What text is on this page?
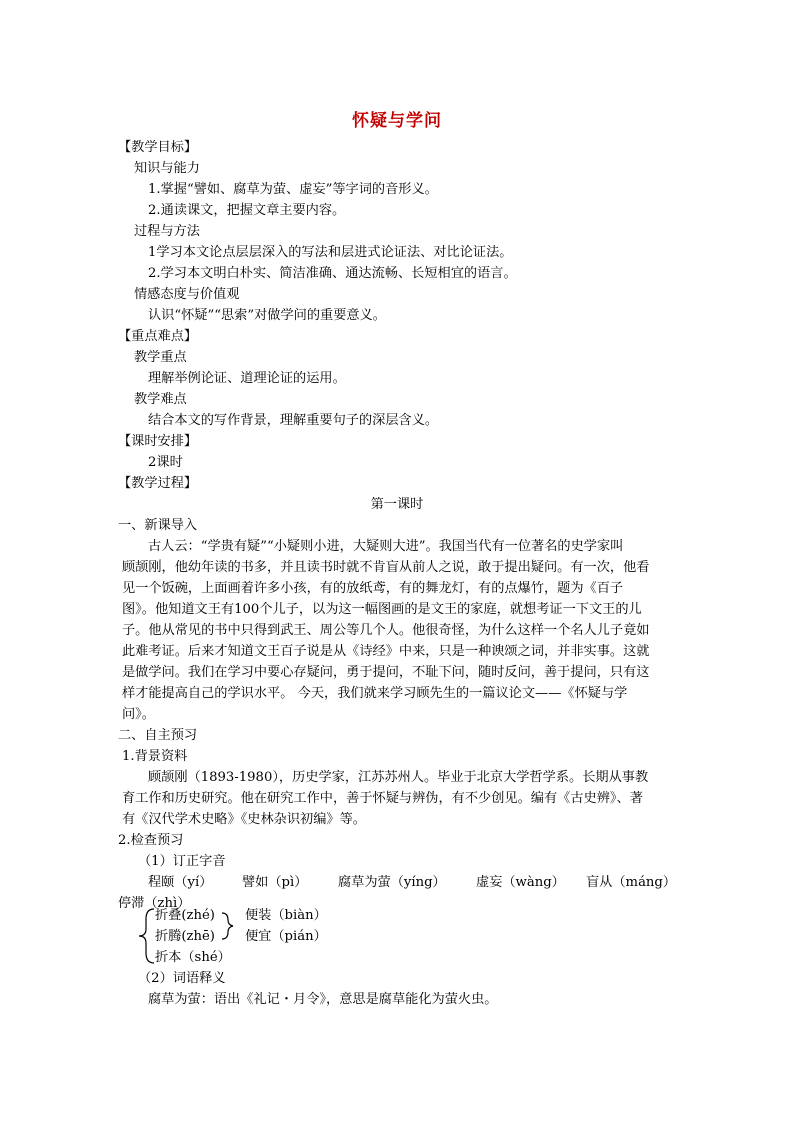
怀疑与学问
【教学目标】
知识与能力
1.掌握“譬如、腐草为萤、虚妄”等字词的音形义。
2.通读课文，把握文章主要内容。
过程与方法
1学习本文论点层层深入的写法和层进式论证法、对比论证法。
2.学习本文明白朴实、简洁准确、通达流畅、长短相宜的语言。
情感态度与价值观
认识“怀疑”“思索”对做学问的重要意义。
【重点难点】
教学重点
理解举例论证、道理论证的运用。
教学难点
结合本文的写作背景，理解重要句子的深层含义。
【课时安排】
2课时
【教学过程】
第一课时
一、新课导入
古人云：“学贵有疑”“小疑则小进，大疑则大进”。我国当代有一位著名的史学家叫
顾颉刚，他幼年读的书多，并且读书时就不肯盲从前人之说，敢于提出疑问。有一次，他看
见一个饭碗，上面画着许多小孩，有的放纸鸢，有的舞龙灯，有的点爆竹，题为《百子
图》。他知道文王有100个儿子，以为这一幅图画的是文王的家庭，就想考证一下文王的儿
子。他从常见的书中只得到武王、周公等几个人。他很奇怪，为什么这样一个名人儿子竟如
此难考证。后来才知道文王百子说是从《诗经》中来，只是一种谀颂之词，并非实事。这就
是做学问。我们在学习中要心存疑问，勇于提问，不耻下问，随时反问，善于提问，只有这
样才能提高自己的学识水平。 今天，我们就来学习顾先生的一篇议论文——《怀疑与学
问》。
二、自主预习
1.背景资料
顾颉刚（1893-1980），历史学家，江苏苏州人。毕业于北京大学哲学系。长期从事教
育工作和历史研究。他在研究工作中，善于怀疑与辨伪，有不少创见。编有《古史辨》、著
有《汉代学术史略》《史林杂识初编》等。
2.检查预习
（1）订正字音
程颐（yí） 譬如（pì） 腐草为萤（yíng） 虚妄（wàng） 盲从（máng）
停滞（zhì）
折叠(zhé)
折腾(zhē)
折本（shé）
便装（biàn）
便宜（pián）
（2）词语释义
腐草为萤：语出《礼记・月令》，意思是腐草能化为萤火虫。
